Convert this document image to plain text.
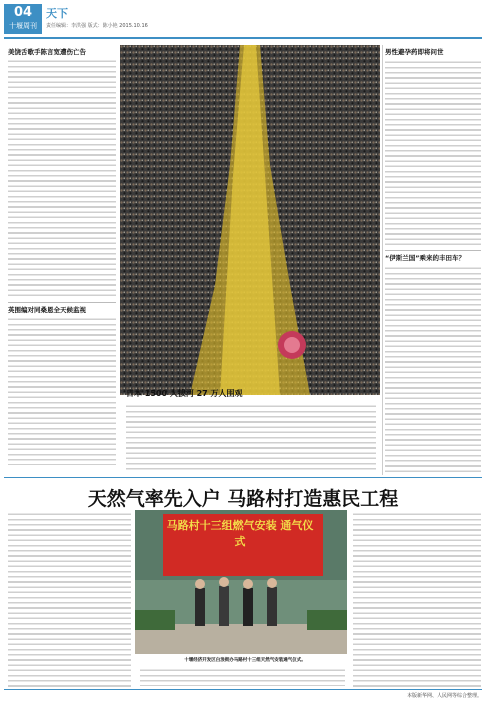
04
十堰周刊
天下
责任编辑：李洪强 版式：陈小艳 2015.10.16
美饶舌歌手陈言宽遭伤亡告
英围编对同桑恩全天候监视
日本 1500 人拔河 27 万人围观
男性避孕药即将问世
“伊斯兰国”乘来的丰田车？
天然气率先入户 马路村打造惠民工程
马路村十三组燃气安装 通气仪式
十堰经济开发区白浪街办马路村十三组天然气安装通气仪式。
本版新华网、人民网等综合整理。
